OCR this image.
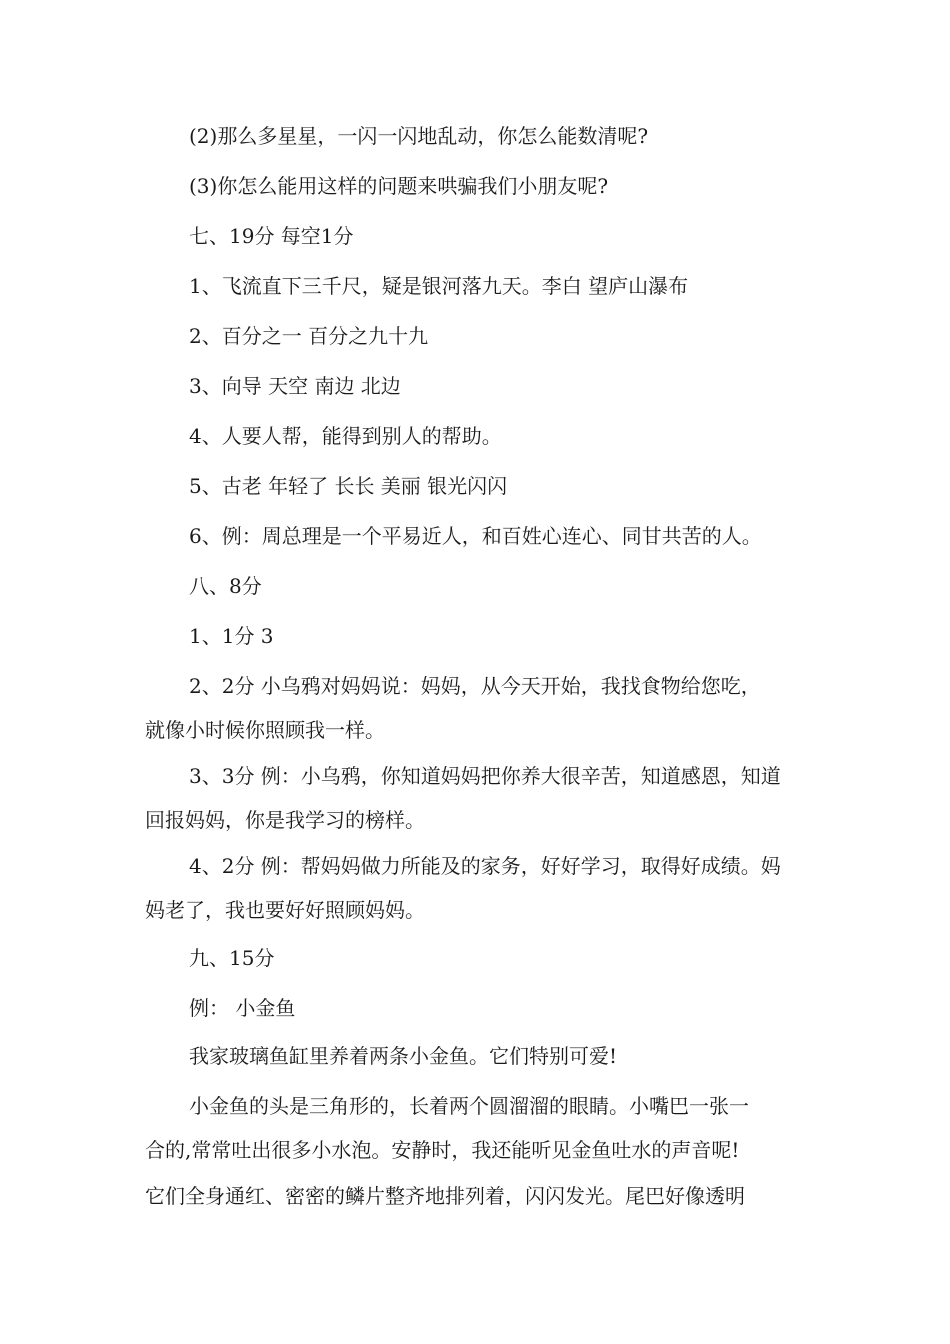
(2)那么多星星，一闪一闪地乱动，你怎么能数清呢?
(3)你怎么能用这样的问题来哄骗我们小朋友呢?
七、19分 每空1分
1、飞流直下三千尺，疑是银河落九天。李白 望庐山瀑布
2、百分之一 百分之九十九
3、向导 天空 南边 北边
4、人要人帮，能得到别人的帮助。
5、古老 年轻了 长长 美丽 银光闪闪
6、例：周总理是一个平易近人，和百姓心连心、同甘共苦的人。
八、8分
1、1分 3
2、2分 小乌鸦对妈妈说：妈妈，从今天开始，我找食物给您吃，
就像小时候你照顾我一样。
3、3分 例：小乌鸦，你知道妈妈把你养大很辛苦，知道感恩，知道
回报妈妈，你是我学习的榜样。
4、2分 例：帮妈妈做力所能及的家务，好好学习，取得好成绩。妈
妈老了，我也要好好照顾妈妈。
九、15分
例： 小金鱼
我家玻璃鱼缸里养着两条小金鱼。它们特别可爱!
小金鱼的头是三角形的，长着两个圆溜溜的眼睛。小嘴巴一张一
合的,常常吐出很多小水泡。安静时，我还能听见金鱼吐水的声音呢!
它们全身通红、密密的鳞片整齐地排列着，闪闪发光。尾巴好像透明
